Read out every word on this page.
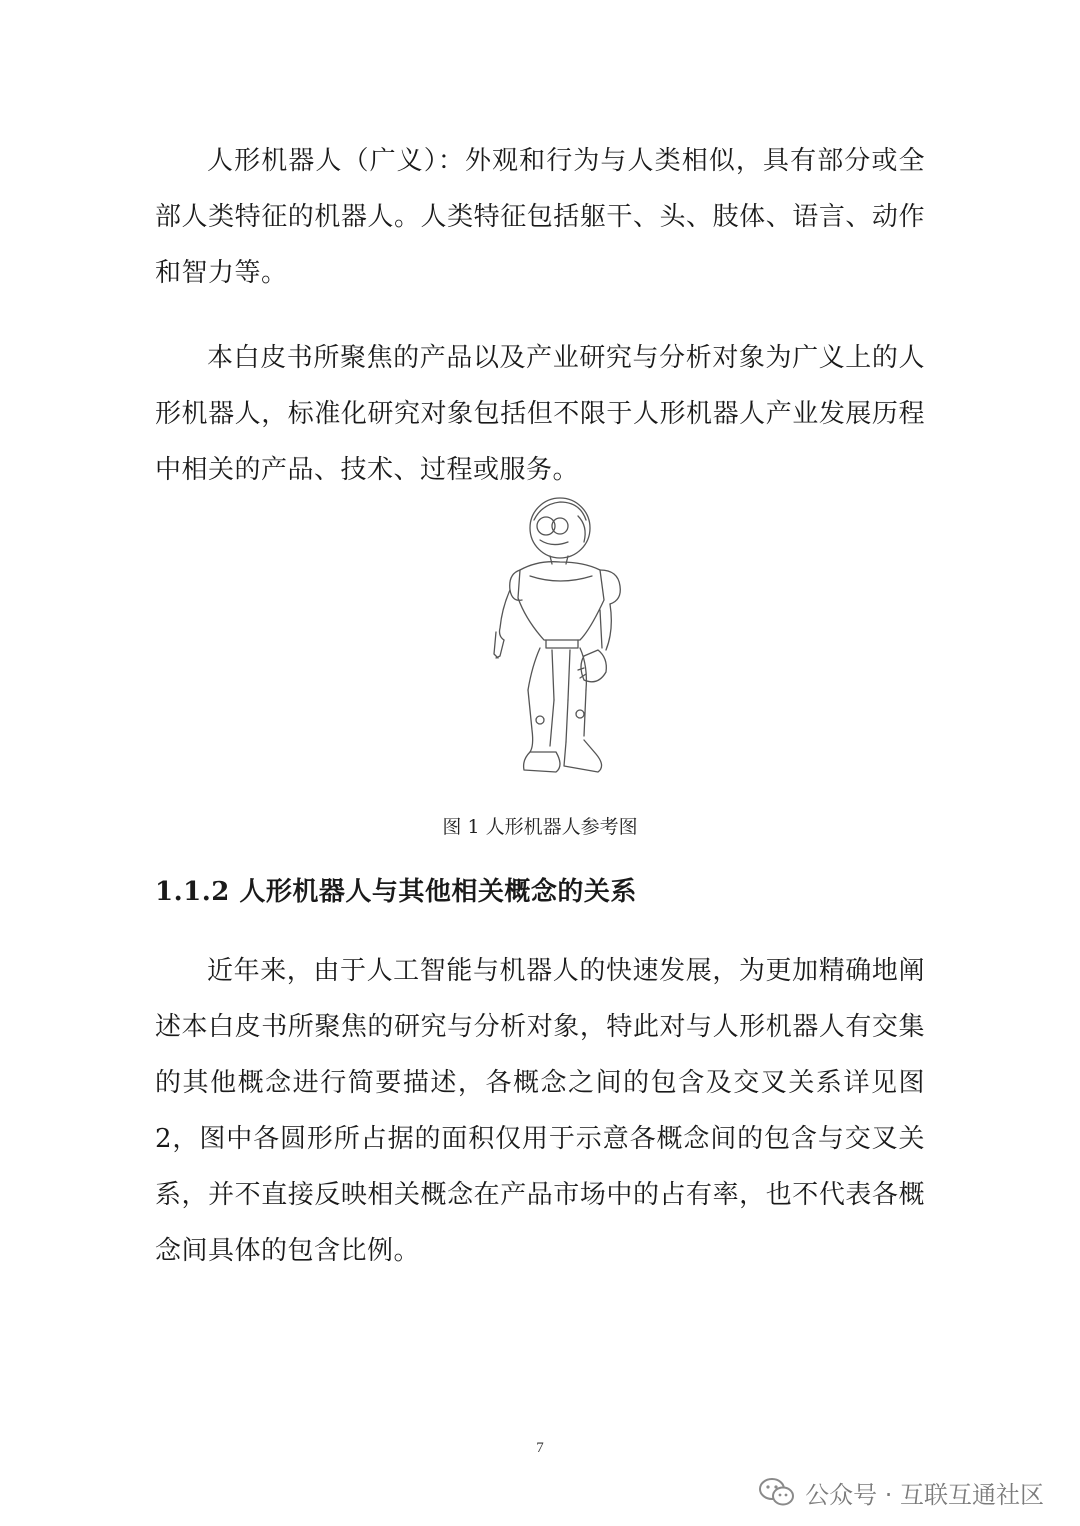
人形机器人（广义）：外观和行为与人类相似，具有部分或全部人类特征的机器人。人类特征包括躯干、头、肢体、语言、动作和智力等。

本白皮书所聚焦的产品以及产业研究与分析对象为广义上的人形机器人，标准化研究对象包括但不限于人形机器人产业发展历程中相关的产品、技术、过程或服务。

图 1 人形机器人参考图
1.1.2 人形机器人与其他相关概念的关系

近年来，由于人工智能与机器人的快速发展，为更加精确地阐述本白皮书所聚焦的研究与分析对象，特此对与人形机器人有交集的其他概念进行简要描述，各概念之间的包含及交叉关系详见图 2，图中各圆形所占据的面积仅用于示意各概念间的包含与交叉关系，并不直接反映相关概念在产品市场中的占有率，也不代表各概念间具体的包含比例。

7
公众号 · 互联互通社区
